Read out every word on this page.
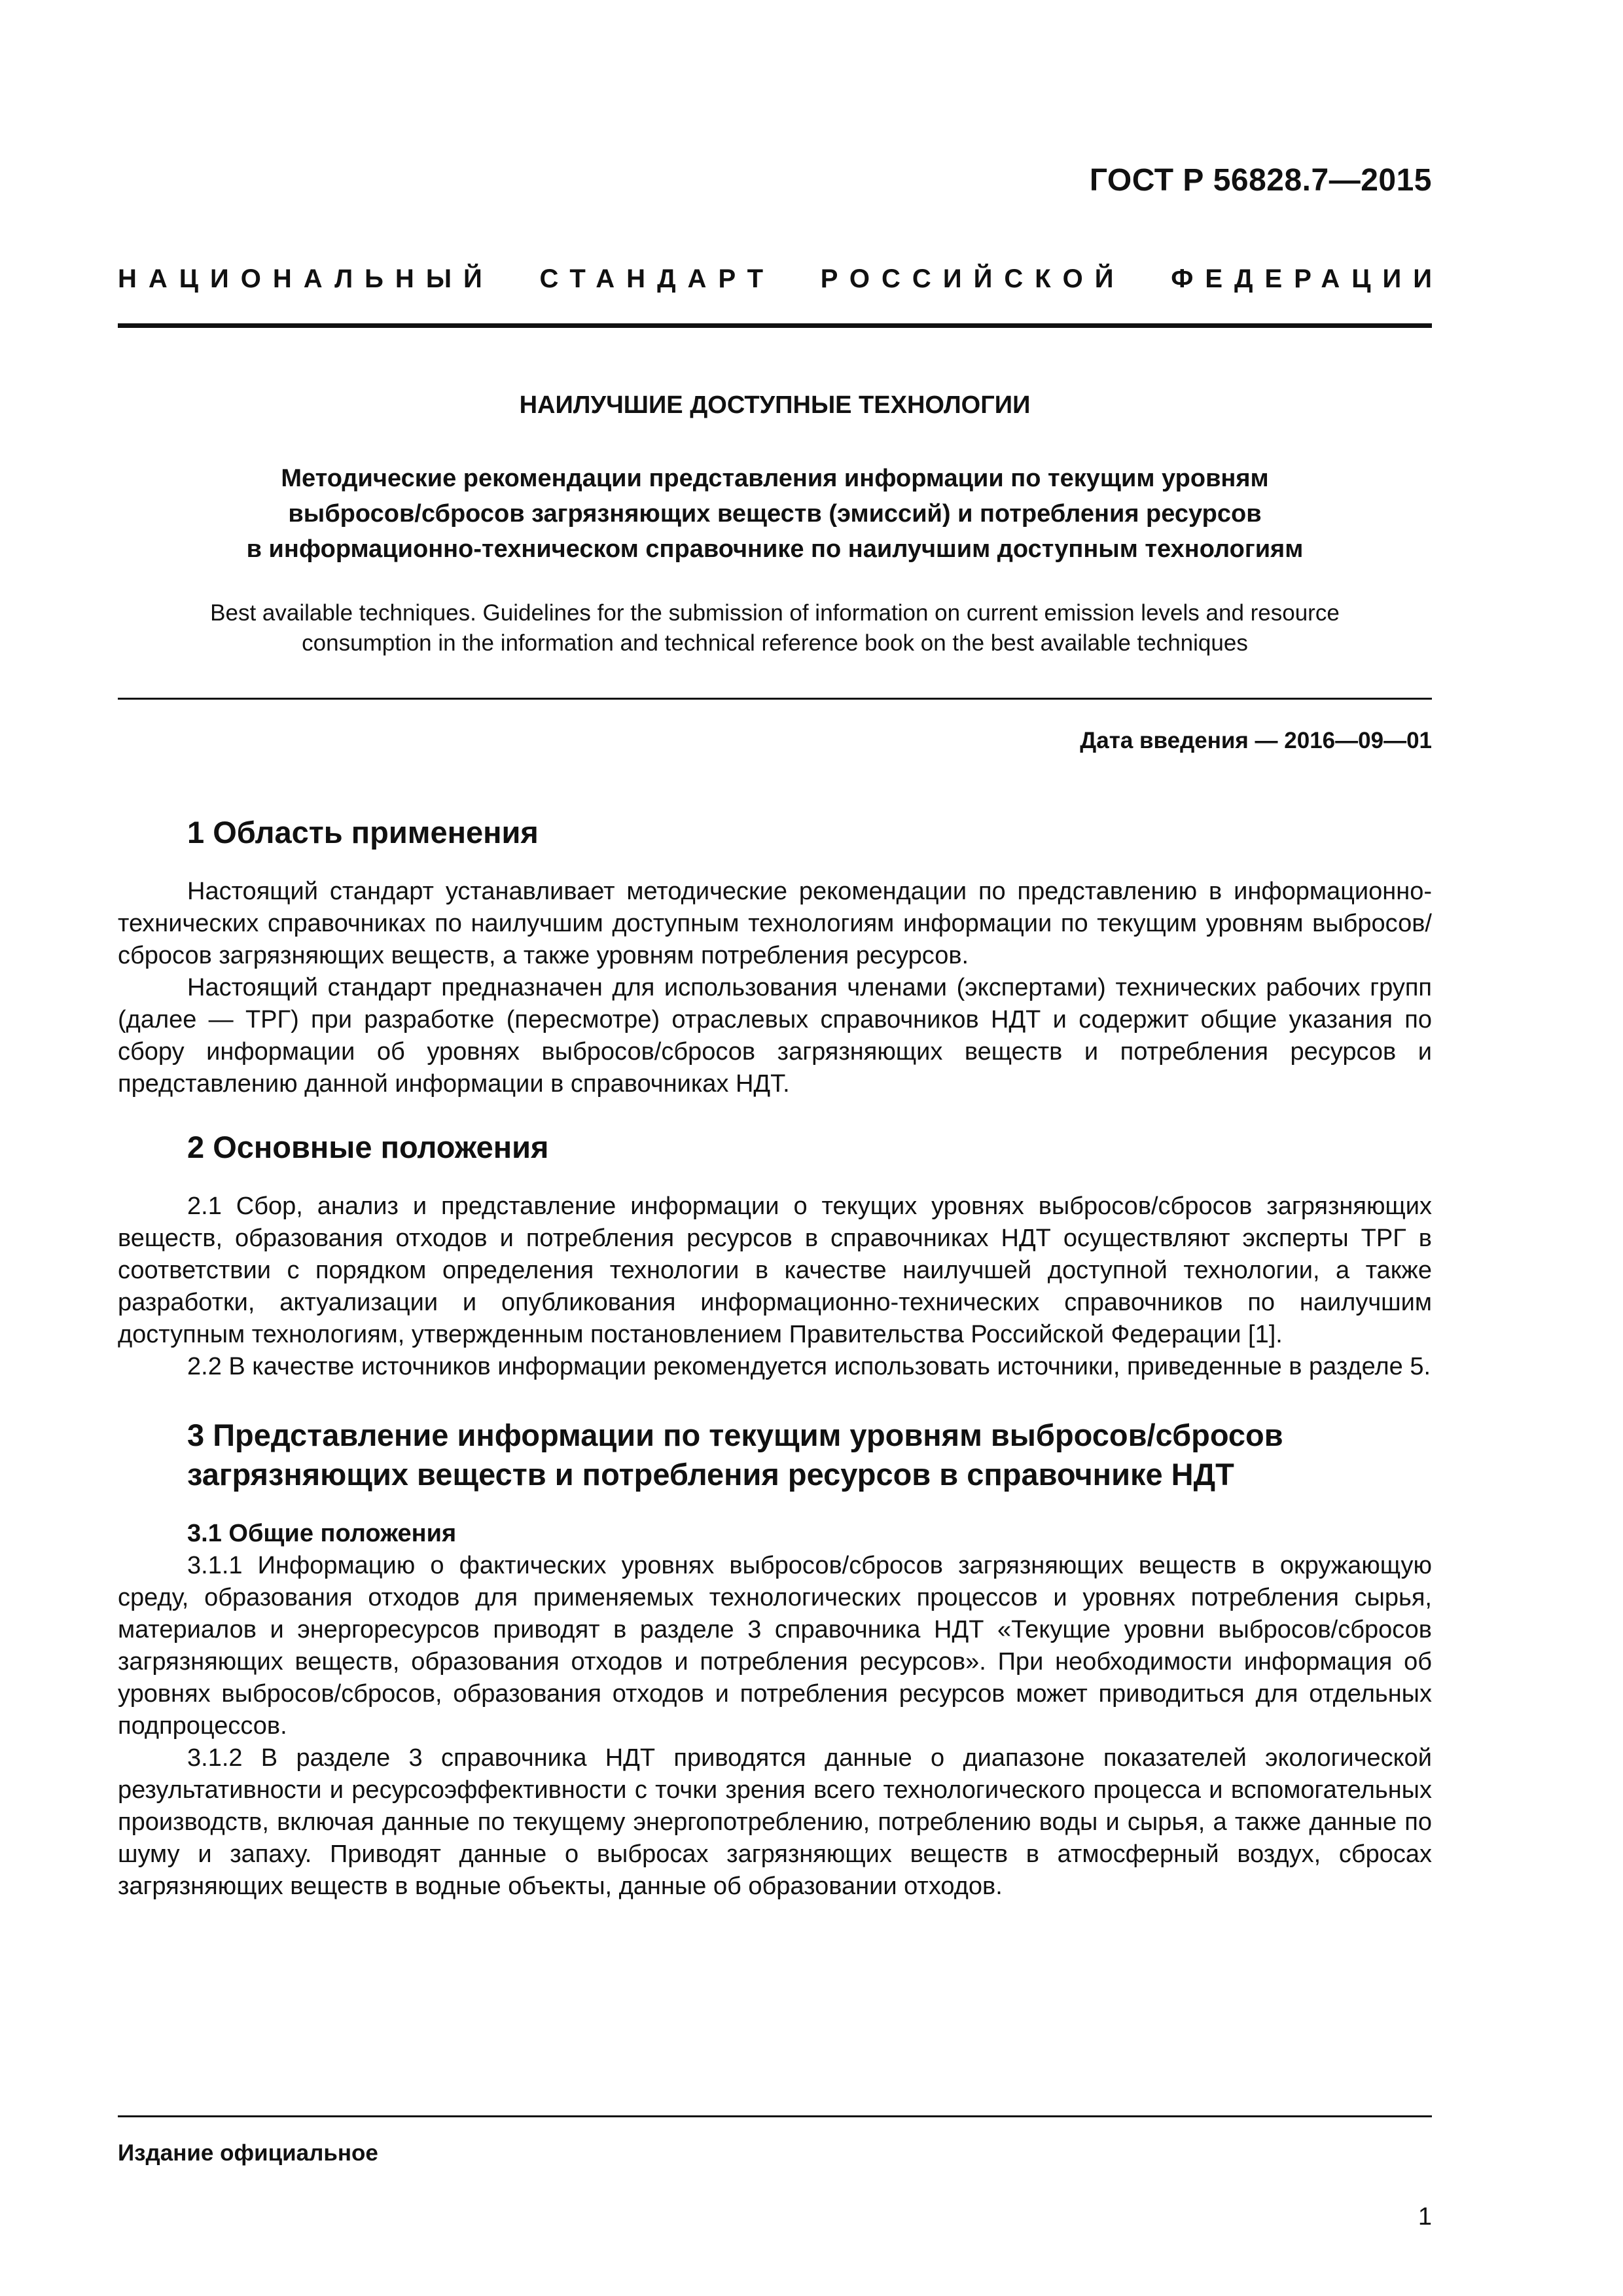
ГОСТ Р 56828.7—2015
НАЦИОНАЛЬНЫЙ СТАНДАРТ РОССИЙСКОЙ ФЕДЕРАЦИИ
НАИЛУЧШИЕ ДОСТУПНЫЕ ТЕХНОЛОГИИ
Методические рекомендации представления информации по текущим уровням
выбросов/сбросов загрязняющих веществ (эмиссий) и потребления ресурсов
в информационно-техническом справочнике по наилучшим доступным технологиям
Best available techniques. Guidelines for the submission of information on current emission levels and resource
consumption in the information and technical reference book on the best available techniques
Дата введения — 2016—09—01
1 Область применения

Настоящий стандарт устанавливает методические рекомендации по представлению в информационно-технических справочниках по наилучшим доступным технологиям информации по текущим уровням выбросов/сбросов загрязняющих веществ, а также уровням потребления ресурсов.

Настоящий стандарт предназначен для использования членами (экспертами) технических рабочих групп (далее — ТРГ) при разработке (пересмотре) отраслевых справочников НДТ и содержит общие указания по сбору информации об уровнях выбросов/сбросов загрязняющих веществ и потребления ресурсов и представлению данной информации в справочниках НДТ.

2 Основные положения

2.1 Сбор, анализ и представление информации о текущих уровнях выбросов/сбросов загрязняющих веществ, образования отходов и потребления ресурсов в справочниках НДТ осуществляют эксперты ТРГ в соответствии с порядком определения технологии в качестве наилучшей доступной технологии, а также разработки, актуализации и опубликования информационно-технических справочников по наилучшим доступным технологиям, утвержденным постановлением Правительства Российской Федерации [1].

2.2 В качестве источников информации рекомендуется использовать источники, приведенные в разделе 5.

3 Представление информации по текущим уровням выбросов/сбросов
загрязняющих веществ и потребления ресурсов в справочнике НДТ
3.1 Общие положения

3.1.1 Информацию о фактических уровнях выбросов/сбросов загрязняющих веществ в окружающую среду, образования отходов для применяемых технологических процессов и уровнях потребления сырья, материалов и энергоресурсов приводят в разделе 3 справочника НДТ «Текущие уровни выбросов/сбросов загрязняющих веществ, образования отходов и потребления ресурсов». При необходимости информация об уровнях выбросов/сбросов, образования отходов и потребления ресурсов может приводиться для отдельных подпроцессов.

3.1.2 В разделе 3 справочника НДТ приводятся данные о диапазоне показателей экологической результативности и ресурсоэффективности с точки зрения всего технологического процесса и вспомогательных производств, включая данные по текущему энергопотреблению, потреблению воды и сырья, а также данные по шуму и запаху. Приводят данные о выбросах загрязняющих веществ в атмосферный воздух, сбросах загрязняющих веществ в водные объекты, данные об образовании отходов.

Издание официальное
1
